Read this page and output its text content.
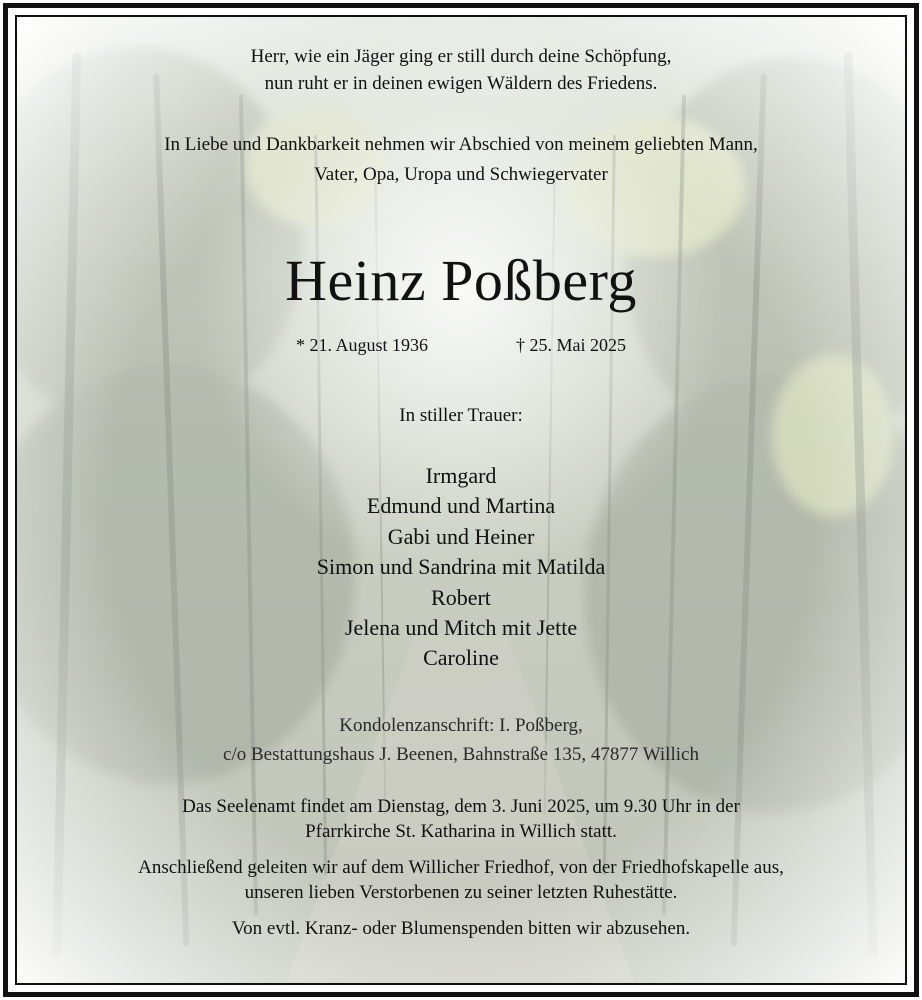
Herr, wie ein Jäger ging er still durch deine Schöpfung,

nun ruht er in deinen ewigen Wäldern des Friedens.

In Liebe und Dankbarkeit nehmen wir Abschied von meinem geliebten Mann,

Vater, Opa, Uropa und Schwiegervater

Heinz Poßberg
* 21. August 1936	† 25. Mai 2025

In stiller Trauer:

Irmgard
Edmund und Martina
Gabi und Heiner
Simon und Sandrina mit Matilda
Robert
Jelena und Mitch mit Jette
Caroline

Kondolenzanschrift: I. Poßberg,

c/o Bestattungshaus J. Beenen, Bahnstraße 135, 47877 Willich

Das Seelenamt findet am Dienstag, dem 3. Juni 2025, um 9.30 Uhr in der

Pfarrkirche St. Katharina in Willich statt.

Anschließend geleiten wir auf dem Willicher Friedhof, von der Friedhofskapelle aus,

unseren lieben Verstorbenen zu seiner letzten Ruhestätte.

Von evtl. Kranz- oder Blumenspenden bitten wir abzusehen.
